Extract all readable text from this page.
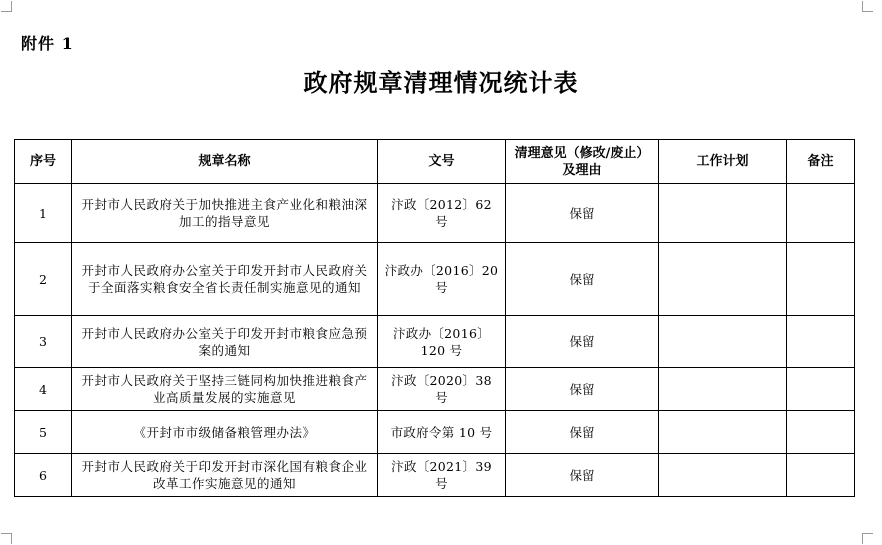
附件 1
政府规章清理情况统计表
序号	规章名称	文号	清理意见（修改/废止）及理由	工作计划	备注
1	开封市人民政府关于加快推进主食产业化和粮油深加工的指导意见	汴政〔2012〕62 号	保留		
2	开封市人民政府办公室关于印发开封市人民政府关于全面落实粮食安全省长责任制实施意见的通知	汴政办〔2016〕20 号	保留		
3	开封市人民政府办公室关于印发开封市粮食应急预案的通知	汴政办〔2016〕120 号	保留		
4	开封市人民政府关于坚持三链同构加快推进粮食产业高质量发展的实施意见	汴政〔2020〕38 号	保留		
5	《开封市市级储备粮管理办法》	市政府令第 10 号	保留		
6	开封市人民政府关于印发开封市深化国有粮食企业改革工作实施意见的通知	汴政〔2021〕39 号	保留		
